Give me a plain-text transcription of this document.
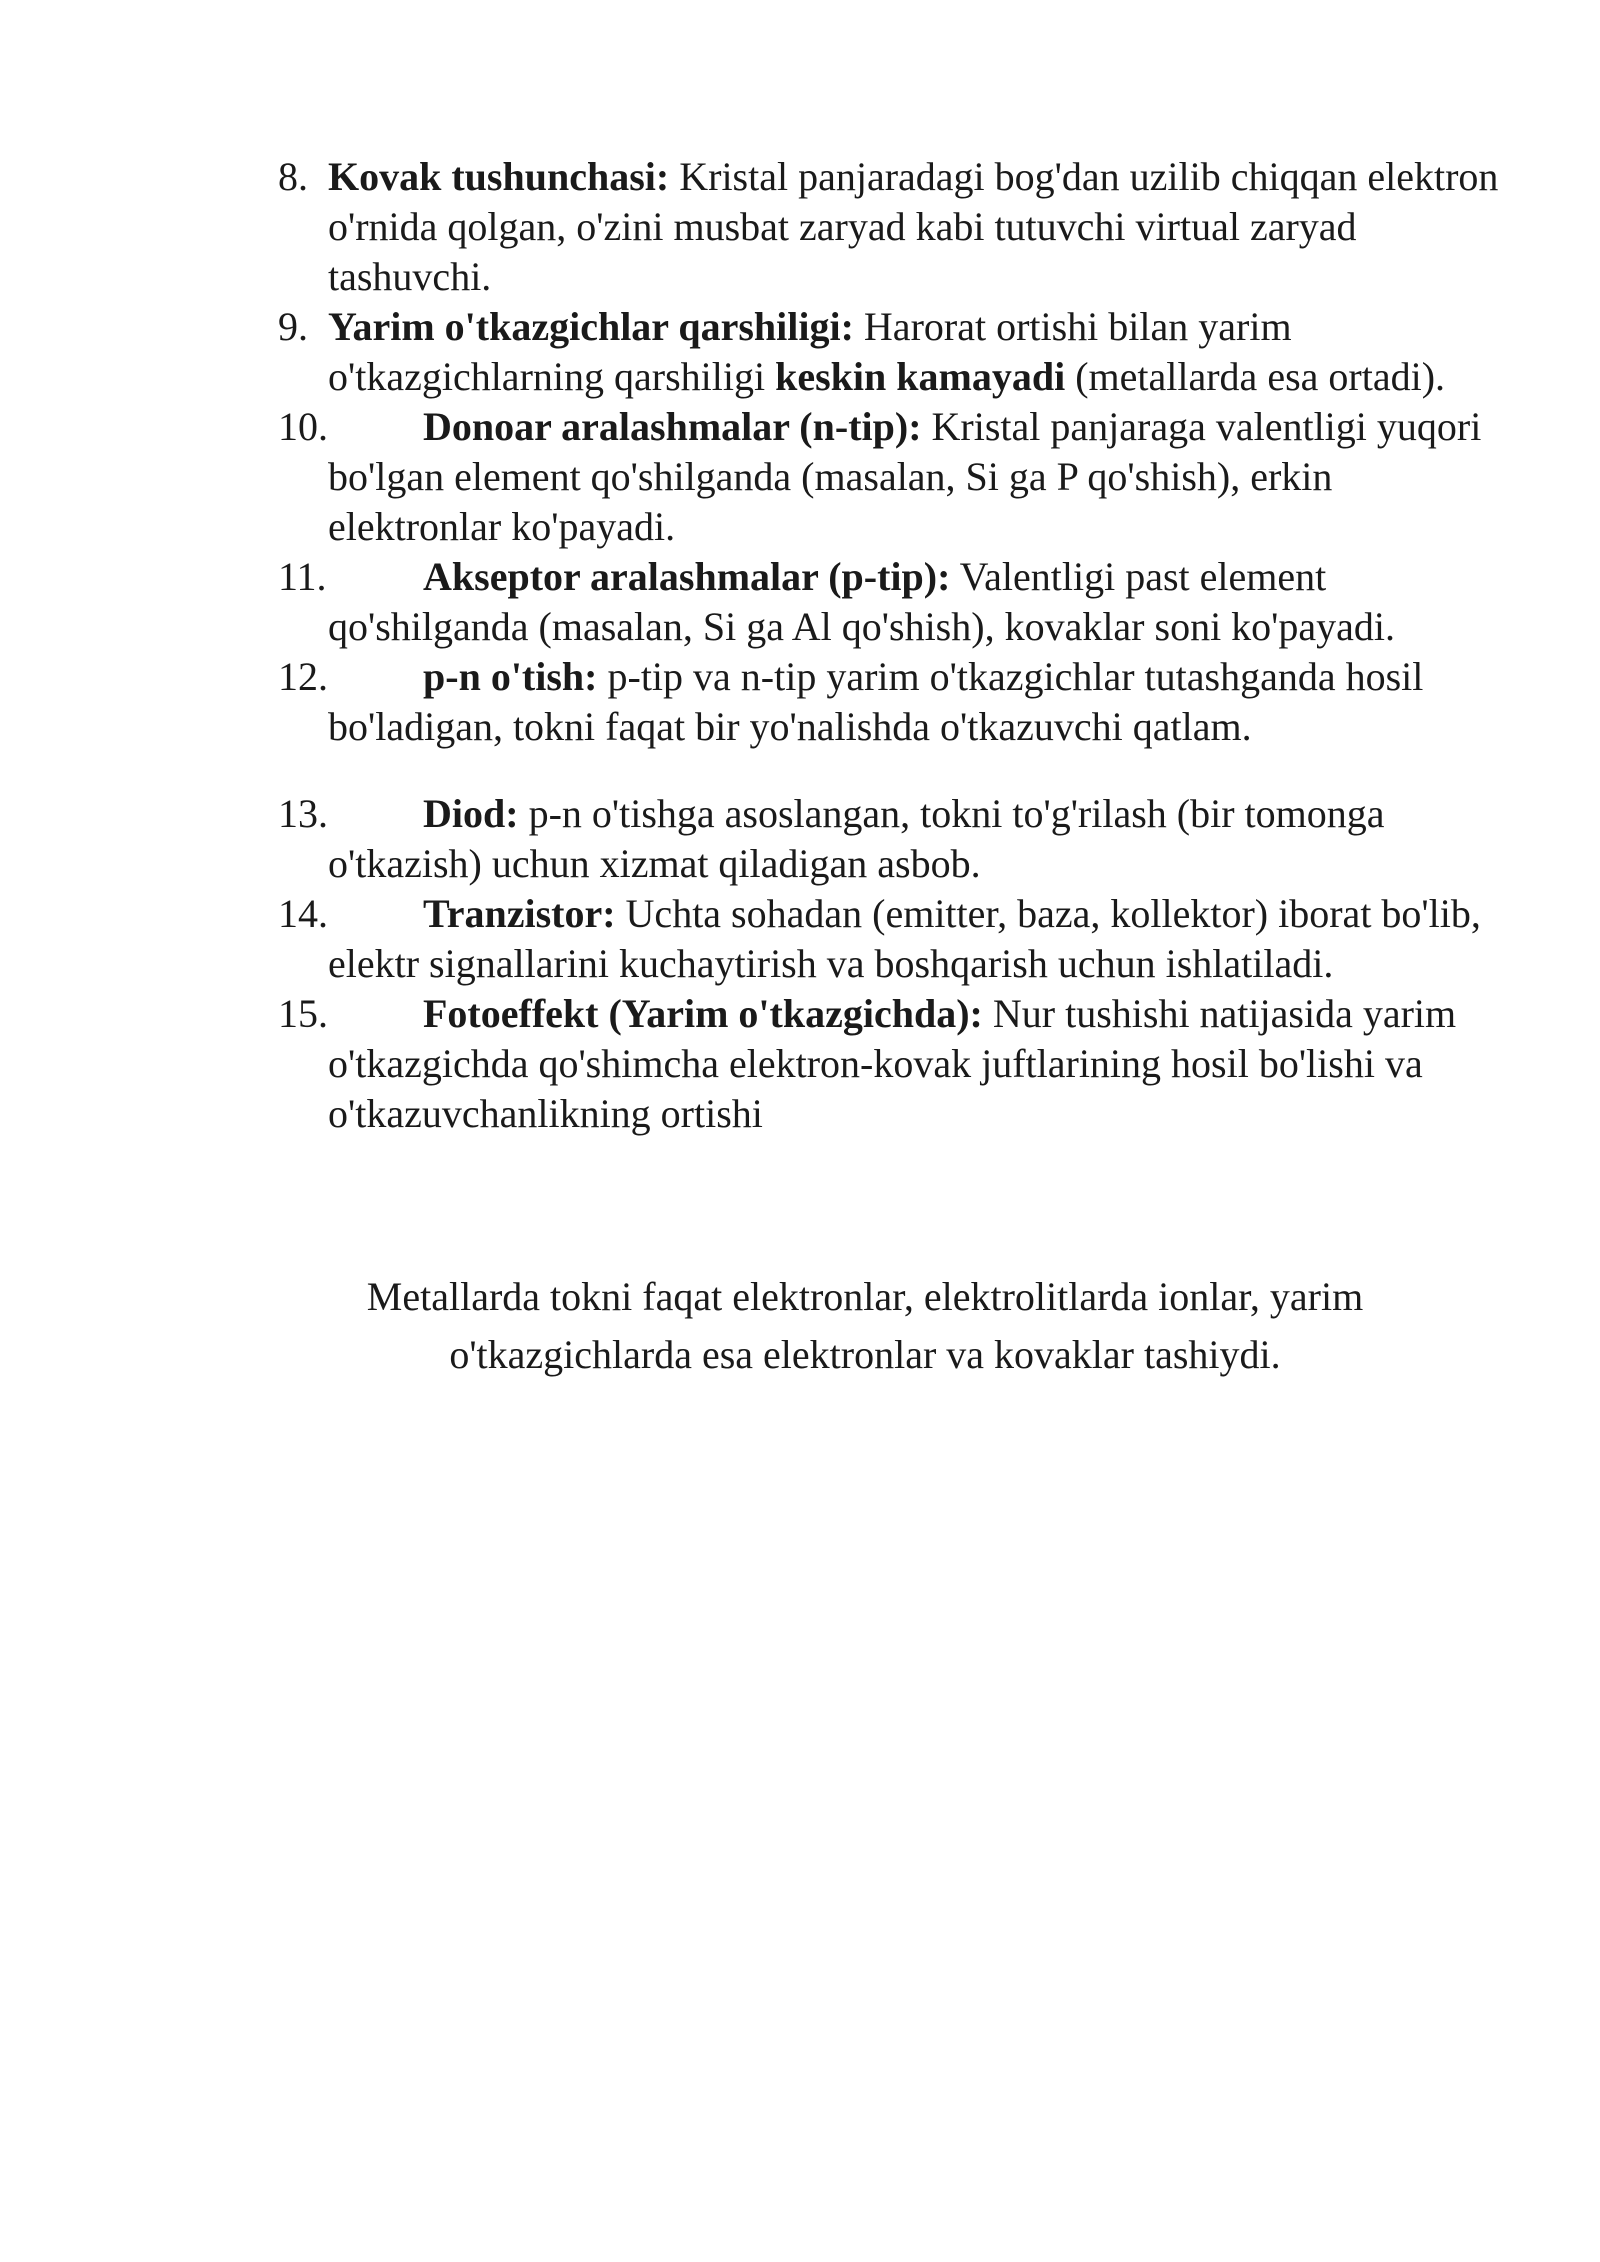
8. Kovak tushunchasi: Kristal panjaradagi bog'dan uzilib chiqqan elektron o'rnida qolgan, o'zini musbat zaryad kabi tutuvchi virtual zaryad tashuvchi.
9. Yarim o'tkazgichlar qarshiligi: Harorat ortishi bilan yarim o'tkazgichlarning qarshiligi keskin kamayadi (metallarda esa ortadi).
10. Donoar aralashmalar (n-tip): Kristal panjaraga valentligi yuqori bo'lgan element qo'shilganda (masalan, Si ga P qo'shish), erkin elektronlar ko'payadi.
11. Akseptor aralashmalar (p-tip): Valentligi past element qo'shilganda (masalan, Si ga Al qo'shish), kovaklar soni ko'payadi.
12. p-n o'tish: p-tip va n-tip yarim o'tkazgichlar tutashganda hosil bo'ladigan, tokni faqat bir yo'nalishda o'tkazuvchi qatlam.
13. Diod: p-n o'tishga asoslangan, tokni to'g'rilash (bir tomonga o'tkazish) uchun xizmat qiladigan asbob.
14. Tranzistor: Uchta sohadan (emitter, baza, kollektor) iborat bo'lib, elektr signallarini kuchaytirish va boshqarish uchun ishlatiladi.
15. Fotoeffekt (Yarim o'tkazgichda): Nur tushishi natijasida yarim o'tkazgichda qo'shimcha elektron-kovak juftlarining hosil bo'lishi va o'tkazuvchanlikning ortishi

Metallarda tokni faqat elektronlar, elektrolitlarda ionlar, yarim
o'tkazgichlarda esa elektronlar va kovaklar tashiydi.
